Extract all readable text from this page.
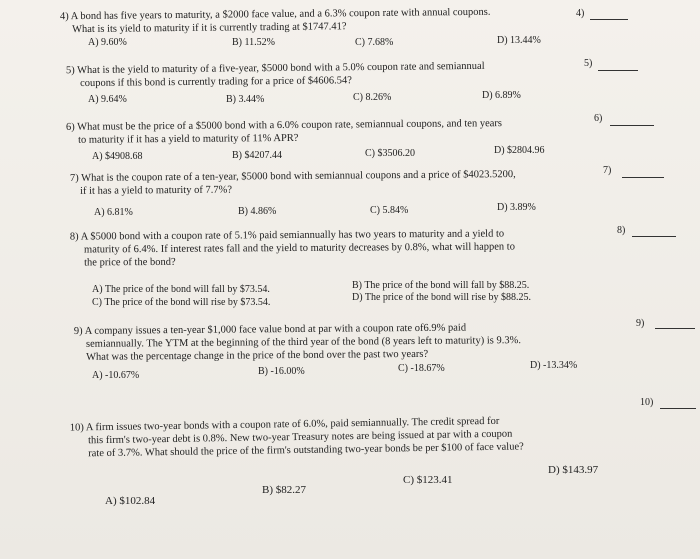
4) A bond has five years to maturity, a $2000 face value, and a 6.3% coupon rate with annual coupons.
What is its yield to maturity if it is currently trading at $1747.41?
A) 9.60%	B) 11.52%	C) 7.68%	D) 13.44%
4)
5) What is the yield to maturity of a five-year, $5000 bond with a 5.0% coupon rate and semiannual
coupons if this bond is currently trading for a price of $4606.54?
A) 9.64%	B) 3.44%	C) 8.26%	D) 6.89%
5)
6) What must be the price of a $5000 bond with a 6.0% coupon rate, semiannual coupons, and ten years
to maturity if it has a yield to maturity of 11% APR?
A) $4908.68	B) $4207.44	C) $3506.20	D) $2804.96
6)
7) What is the coupon rate of a ten-year, $5000 bond with semiannual coupons and a price of $4023.5200,
if it has a yield to maturity of 7.7%?
A) 6.81%	B) 4.86%	C) 5.84%	D) 3.89%
7)
8) A $5000 bond with a coupon rate of 5.1% paid semiannually has two years to maturity and a yield to
maturity of 6.4%. If interest rates fall and the yield to maturity decreases by 0.8%, what will happen to
the price of the bond?
A) The price of the bond will fall by $73.54.	B) The price of the bond will fall by $88.25.
C) The price of the bond will rise by $73.54.	D) The price of the bond will rise by $88.25.
8)
9) A company issues a ten-year $1,000 face value bond at par with a coupon rate of6.9% paid
semiannually. The YTM at the beginning of the third year of the bond (8 years left to maturity) is 9.3%.
What was the percentage change in the price of the bond over the past two years?
A) -10.67%	B) -16.00%	C) -18.67%	D) -13.34%
9)
10) A firm issues two-year bonds with a coupon rate of 6.0%, paid semiannually. The credit spread for
this firm's two-year debt is 0.8%. New two-year Treasury notes are being issued at par with a coupon
rate of 3.7%. What should the price of the firm's outstanding two-year bonds be per $100 of face value?
A) $102.84
B) $82.27
C) $123.41
D) $143.97
10)
